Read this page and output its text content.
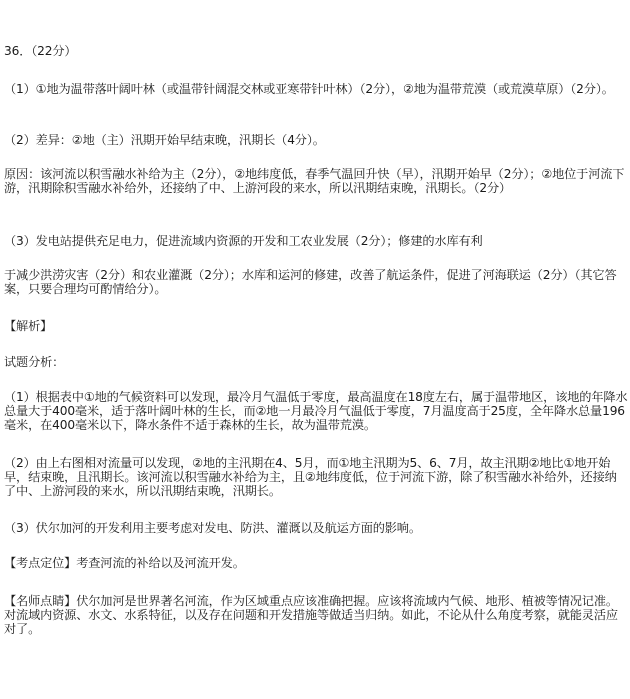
36．（22分）
（1）①地为温带落叶阔叶林（或温带针阔混交林或亚寒带针叶林）（2分），②地为温带荒漠（或荒漠草原）（2分）。
（2）差异：②地（主）汛期开始早结束晚，汛期长（4分）。
原因：该河流以积雪融水补给为主（2分），②地纬度低，春季气温回升快（早），汛期开始早（2分）；②地位于河流下游，汛期除积雪融水补给外，还接纳了中、上游河段的来水，所以汛期结束晚，汛期长。（2分）
（3）发电站提供充足电力，促进流域内资源的开发和工农业发展（2分）；修建的水库有利
于减少洪涝灾害（2分）和农业灌溉（2分）；水库和运河的修建，改善了航运条件，促进了河海联运（2分）（其它答案，只要合理均可酌情给分）。
【解析】
试题分析：
（1）根据表中①地的气候资料可以发现，最冷月气温低于零度，最高温度在18度左右，属于温带地区，该地的年降水总量大于400毫米，适于落叶阔叶林的生长，而②地一月最冷月气温低于零度，7月温度高于25度，全年降水总量196毫米，在400毫米以下，降水条件不适于森林的生长，故为温带荒漠。
（2）由上右图相对流量可以发现，②地的主汛期在4、5月，而①地主汛期为5、6、7月，故主汛期②地比①地开始早，结束晚，且汛期长。该河流以积雪融水补给为主，且②地纬度低，位于河流下游，除了积雪融水补给外，还接纳了中、上游河段的来水，所以汛期结束晚，汛期长。
（3）伏尔加河的开发利用主要考虑对发电、防洪、灌溉以及航运方面的影响。
【考点定位】考查河流的补给以及河流开发。
【名师点睛】伏尔加河是世界著名河流，作为区域重点应该准确把握。应该将流域内气候、地形、植被等情况记准。对流域内资源、水文、水系特征，以及存在问题和开发措施等做适当归纳。如此，不论从什么角度考察，就能灵活应对了。
